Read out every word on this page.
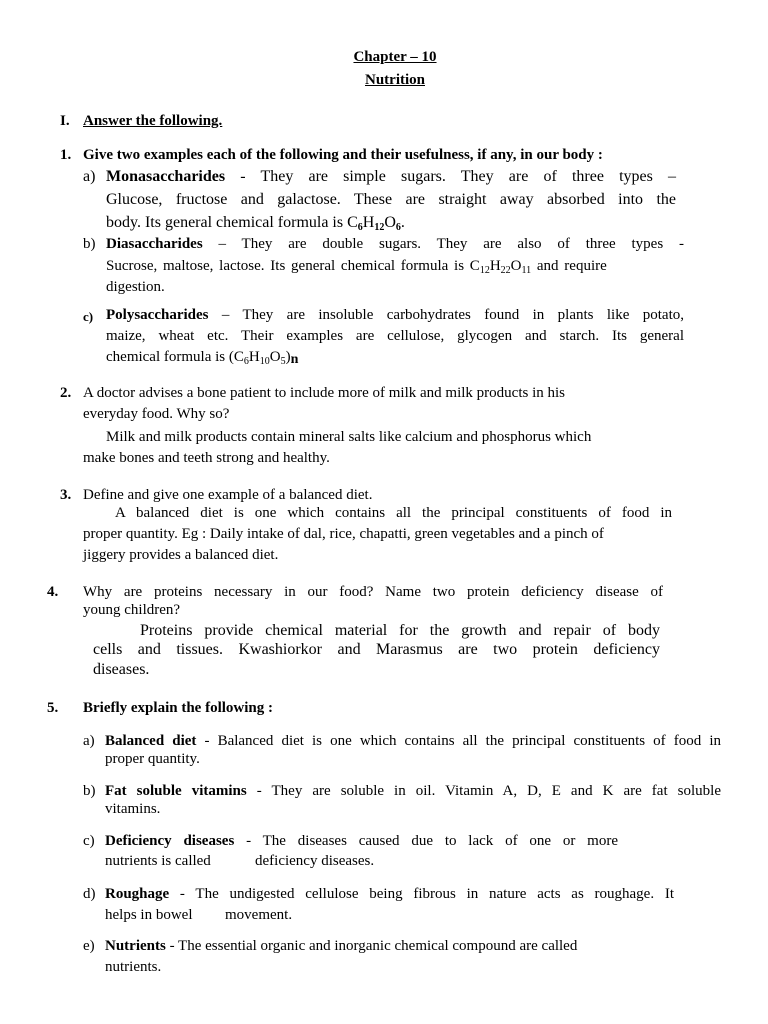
Chapter – 10
Nutrition
I. Answer the following.
1. Give two examples each of the following and their usefulness, if any, in our body :
a) Monasaccharides - They are simple sugars. They are of three types –
Glucose, fructose and galactose. These are straight away absorbed into the
body. Its general chemical formula is $C_6H_{12}O_6$.
b) Diasaccharides – They are double sugars. They are also of three types -
Sucrose, maltose, lactose. Its general chemical formula is $C_{12}H_{22}O_{11}$ and require
digestion.
c) Polysaccharides – They are insoluble carbohydrates found in plants like potato,
maize, wheat etc. Their examples are cellulose, glycogen and starch. Its general
chemical formula is $(C_6H_{10}O_5)n$
2. A doctor advises a bone patient to include more of milk and milk products in his
everyday food. Why so?
Milk and milk products contain mineral salts like calcium and phosphorus which
make bones and teeth strong and healthy.
3. Define and give one example of a balanced diet.
A balanced diet is one which contains all the principal constituents of food in
proper quantity. Eg : Daily intake of dal, rice, chapatti, green vegetables and a pinch of
jiggery provides a balanced diet.
4. Why are proteins necessary in our food? Name two protein deficiency disease of
young children?
Proteins provide chemical material for the growth and repair of body
cells and tissues. Kwashiorkor and Marasmus are two protein deficiency
diseases.
5. Briefly explain the following :
a) Balanced diet - Balanced diet is one which contains all the principal constituents of food in
proper quantity.
b) Fat soluble vitamins - They are soluble in oil. Vitamin A, D, E and K are fat soluble
vitamins.
c) Deficiency diseases - The diseases caused due to lack of one or more
nutrients is called	deficiency diseases.
d) Roughage - The undigested cellulose being fibrous in nature acts as roughage. It
helps in bowel movement.
e) Nutrients - The essential organic and inorganic chemical compound are called
nutrients.
